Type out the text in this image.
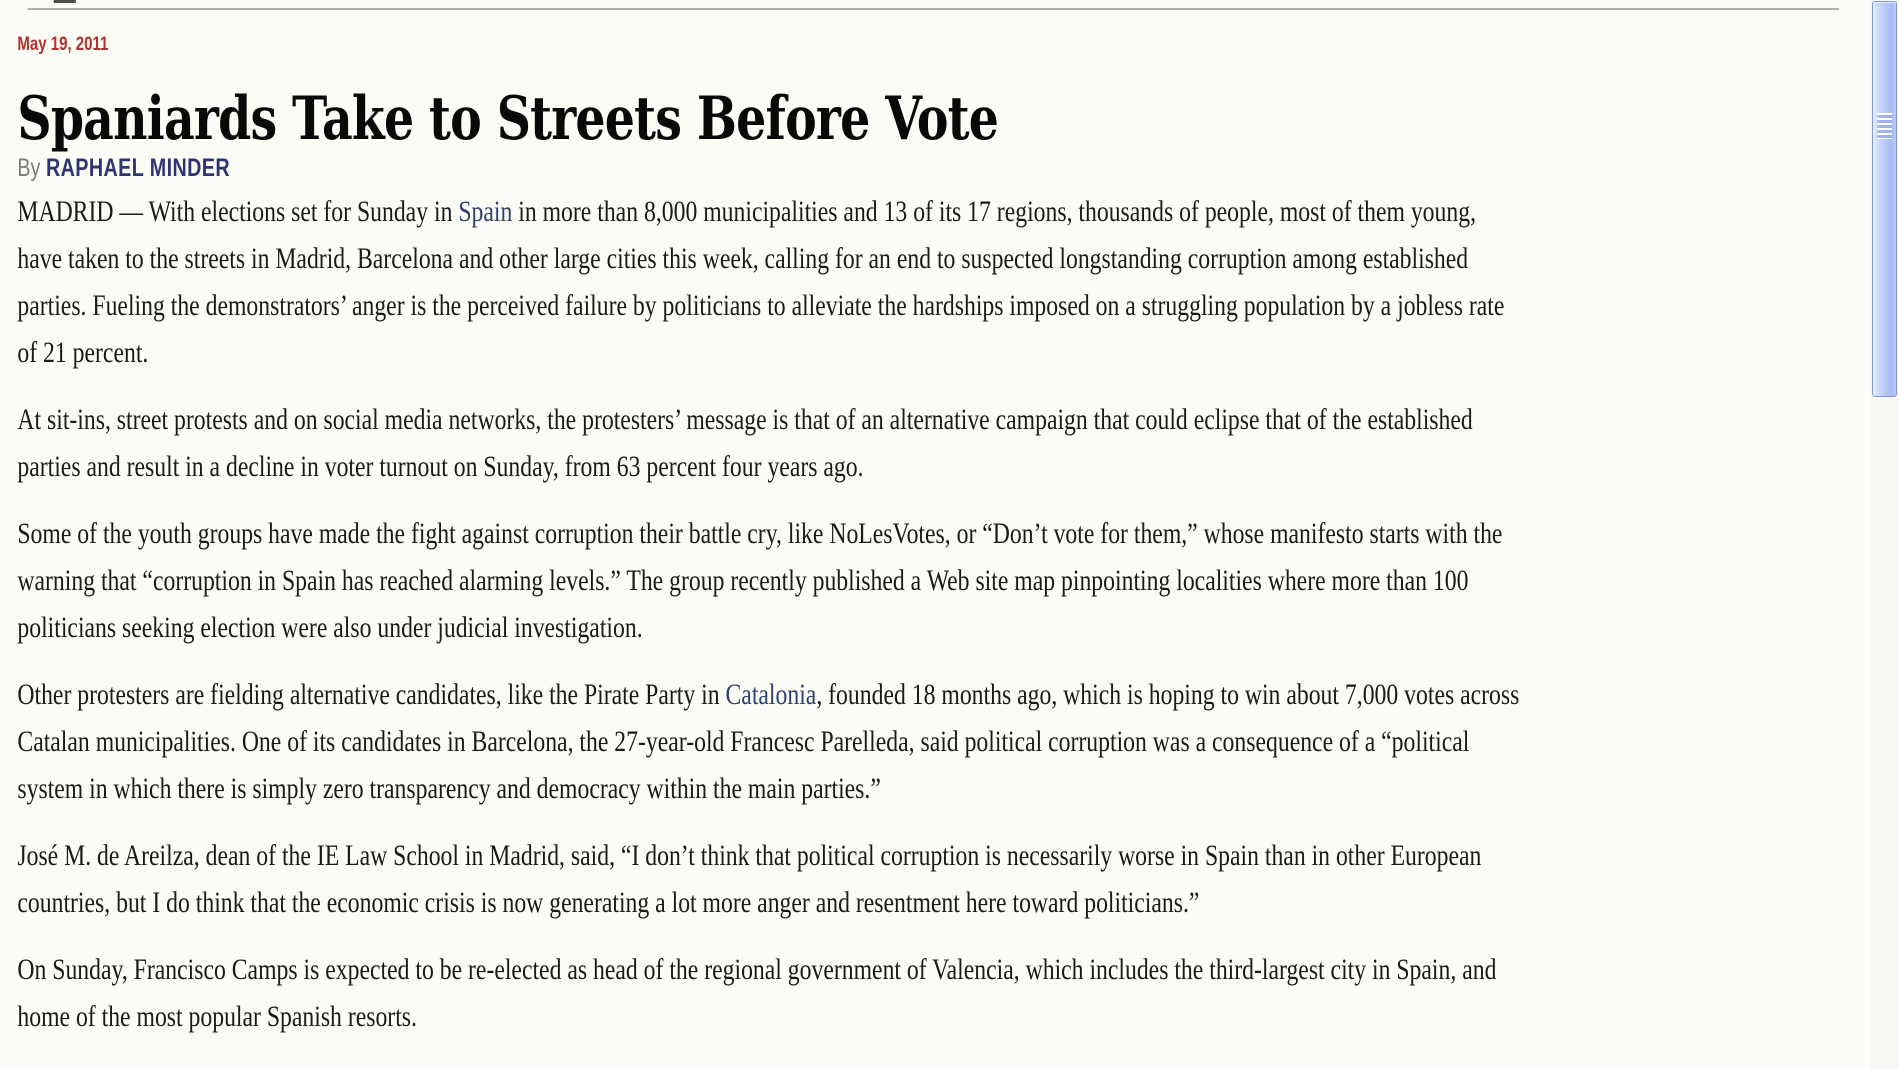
May 19, 2011
Spaniards Take to Streets Before Vote
By RAPHAEL MINDER

MADRID — With elections set for Sunday in Spain in more than 8,000 municipalities and 13 of its 17 regions, thousands of people, most of them young, have taken to the streets in Madrid, Barcelona and other large cities this week, calling for an end to suspected longstanding corruption among established parties. Fueling the demonstrators’ anger is the perceived failure by politicians to alleviate the hardships imposed on a struggling population by a jobless rate of 21 percent.

At sit-ins, street protests and on social media networks, the protesters’ message is that of an alternative campaign that could eclipse that of the established parties and result in a decline in voter turnout on Sunday, from 63 percent four years ago.

Some of the youth groups have made the fight against corruption their battle cry, like NoLesVotes, or “Don’t vote for them,” whose manifesto starts with the warning that “corruption in Spain has reached alarming levels.” The group recently published a Web site map pinpointing localities where more than 100 politicians seeking election were also under judicial investigation.

Other protesters are fielding alternative candidates, like the Pirate Party in Catalonia, founded 18 months ago, which is hoping to win about 7,000 votes across Catalan municipalities. One of its candidates in Barcelona, the 27-year-old Francesc Parelleda, said political corruption was a consequence of a “political system in which there is simply zero transparency and democracy within the main parties.”

José M. de Areilza, dean of the IE Law School in Madrid, said, “I don’t think that political corruption is necessarily worse in Spain than in other European countries, but I do think that the economic crisis is now generating a lot more anger and resentment here toward politicians.”

On Sunday, Francisco Camps is expected to be re-elected as head of the regional government of Valencia, which includes the third-largest city in Spain, and home of the most popular Spanish resorts.
